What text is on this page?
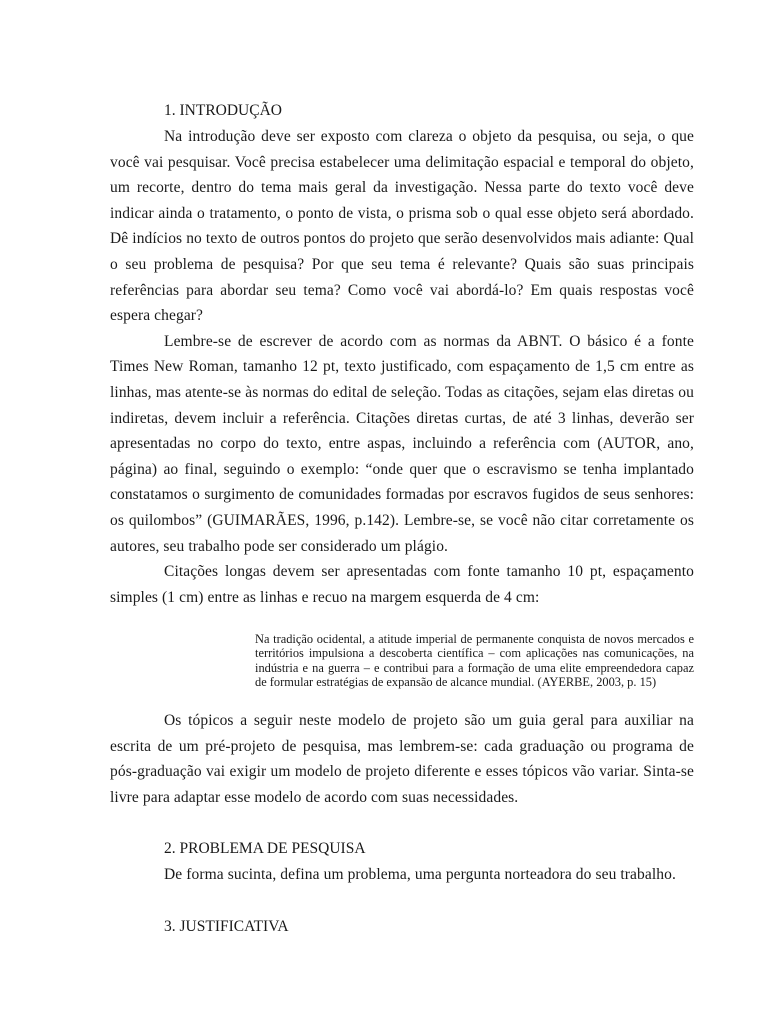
1. INTRODUÇÃO

Na introdução deve ser exposto com clareza o objeto da pesquisa, ou seja, o que você vai pesquisar. Você precisa estabelecer uma delimitação espacial e temporal do objeto, um recorte, dentro do tema mais geral da investigação. Nessa parte do texto você deve indicar ainda o tratamento, o ponto de vista, o prisma sob o qual esse objeto será abordado. Dê indícios no texto de outros pontos do projeto que serão desenvolvidos mais adiante: Qual o seu problema de pesquisa? Por que seu tema é relevante? Quais são suas principais referências para abordar seu tema? Como você vai abordá-lo? Em quais respostas você espera chegar?

Lembre-se de escrever de acordo com as normas da ABNT. O básico é a fonte Times New Roman, tamanho 12 pt, texto justificado, com espaçamento de 1,5 cm entre as linhas, mas atente-se às normas do edital de seleção. Todas as citações, sejam elas diretas ou indiretas, devem incluir a referência. Citações diretas curtas, de até 3 linhas, deverão ser apresentadas no corpo do texto, entre aspas, incluindo a referência com (AUTOR, ano, página) ao final, seguindo o exemplo: “onde quer que o escravismo se tenha implantado constatamos o surgimento de comunidades formadas por escravos fugidos de seus senhores: os quilombos” (GUIMARÃES, 1996, p.142). Lembre-se, se você não citar corretamente os autores, seu trabalho pode ser considerado um plágio.

Citações longas devem ser apresentadas com fonte tamanho 10 pt, espaçamento simples (1 cm) entre as linhas e recuo na margem esquerda de 4 cm:

Na tradição ocidental, a atitude imperial de permanente conquista de novos mercados e territórios impulsiona a descoberta científica – com aplicações nas comunicações, na indústria e na guerra – e contribui para a formação de uma elite empreendedora capaz de formular estratégias de expansão de alcance mundial. (AYERBE, 2003, p. 15)

Os tópicos a seguir neste modelo de projeto são um guia geral para auxiliar na escrita de um pré-projeto de pesquisa, mas lembrem-se: cada graduação ou programa de pós-graduação vai exigir um modelo de projeto diferente e esses tópicos vão variar. Sinta-se livre para adaptar esse modelo de acordo com suas necessidades.

2. PROBLEMA DE PESQUISA

De forma sucinta, defina um problema, uma pergunta norteadora do seu trabalho.

3. JUSTIFICATIVA
